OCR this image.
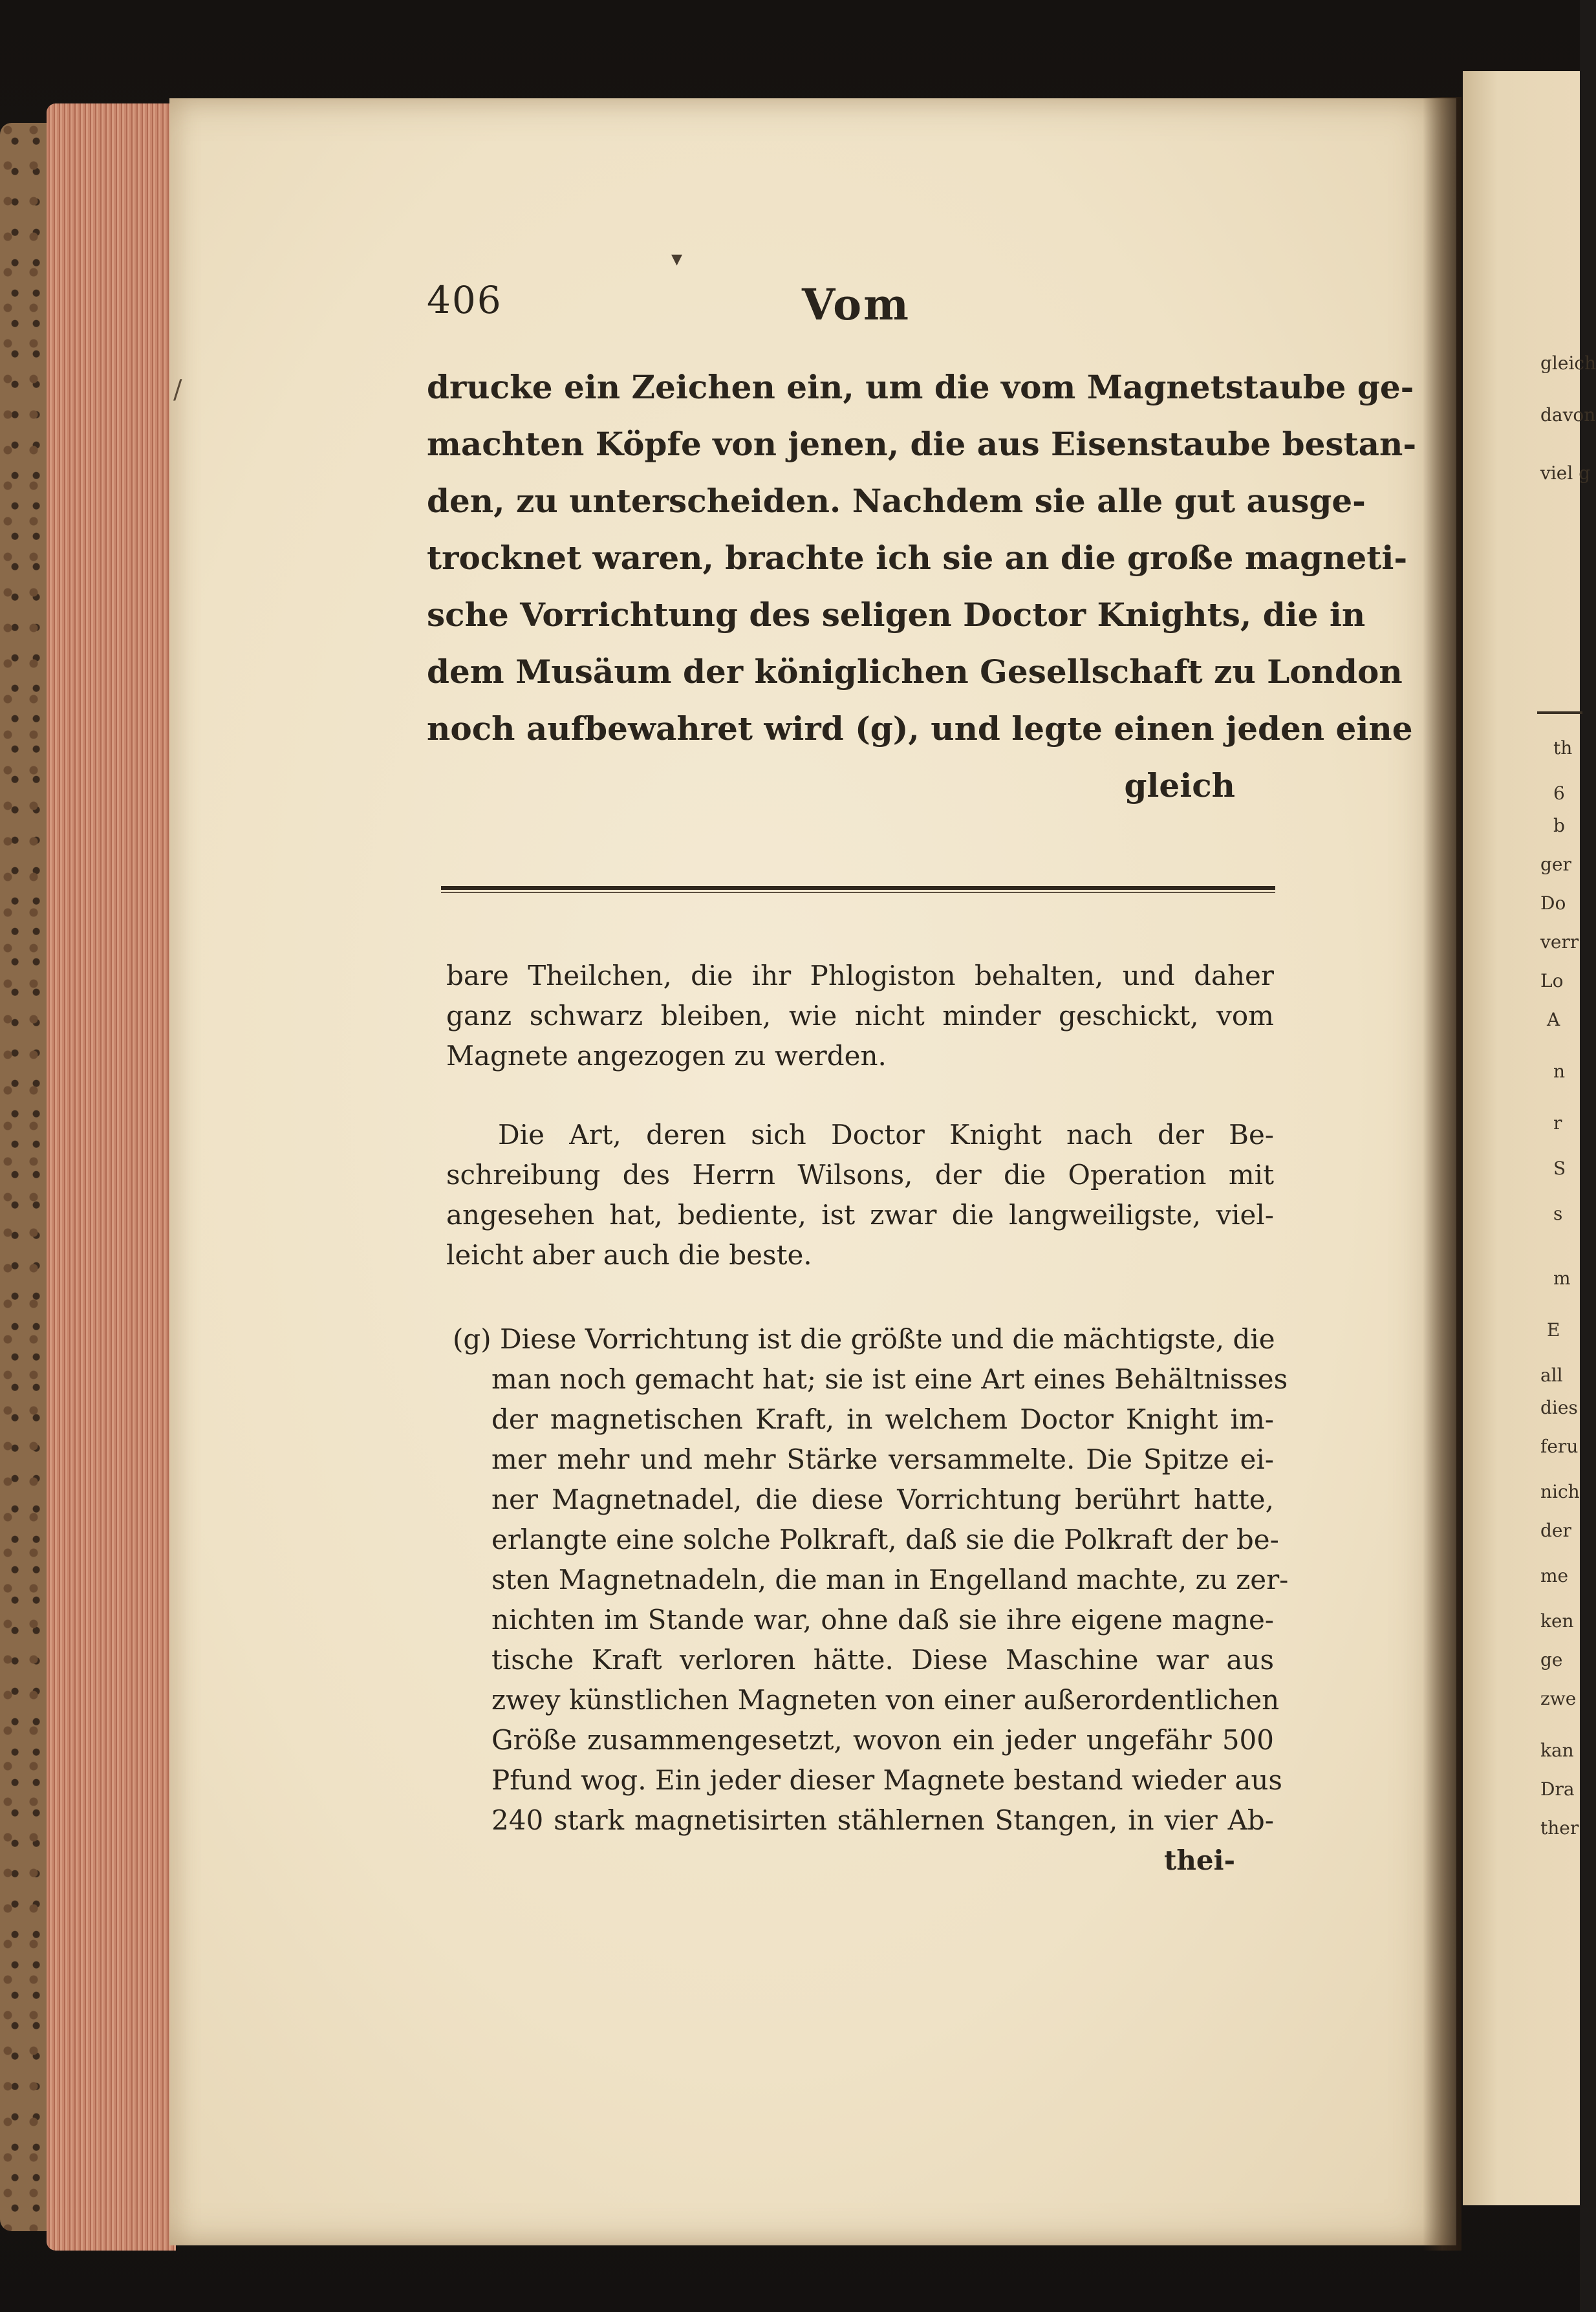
gleich
davon
viel g
th
6
b
ger
Do
verr
Lo
A
n
r
S
s
m
E
all
dies
feru
nich
der
me
ken
ge
zwe
kan
Dra
ther
406	Vom
▾
/	drucke ein Zeichen ein, um die vom Magnetstaube ge-
machten Köpfe von jenen, die aus Eisenstaube bestan-
den, zu unterscheiden. Nachdem sie alle gut ausge-
trocknet waren, brachte ich sie an die große magneti-
sche Vorrichtung des seligen Doctor Knights, die in
dem Musäum der königlichen Gesellschaft zu London
noch aufbewahret wird (g), und legte einen jeden eine
gleich
bare Theilchen, die ihr Phlogiston behalten, und daher
ganz schwarz bleiben, wie nicht minder geschickt, vom
Magnete angezogen zu werden.
Die Art, deren sich Doctor Knight nach der Be-
schreibung des Herrn Wilsons, der die Operation mit
angesehen hat, bediente, ist zwar die langweiligste, viel-
leicht aber auch die beste.
(g) Diese Vorrichtung ist die größte und die mächtigste, die
man noch gemacht hat; sie ist eine Art eines Behältnisses
der magnetischen Kraft, in welchem Doctor Knight im-
mer mehr und mehr Stärke versammelte. Die Spitze ei-
ner Magnetnadel, die diese Vorrichtung berührt hatte,
erlangte eine solche Polkraft, daß sie die Polkraft der be-
sten Magnetnadeln, die man in Engelland machte, zu zer-
nichten im Stande war, ohne daß sie ihre eigene magne-
tische Kraft verloren hätte. Diese Maschine war aus
zwey künstlichen Magneten von einer außerordentlichen
Größe zusammengesetzt, wovon ein jeder ungefähr 500
Pfund wog. Ein jeder dieser Magnete bestand wieder aus
240 stark magnetisirten stählernen Stangen, in vier Ab-
thei-
